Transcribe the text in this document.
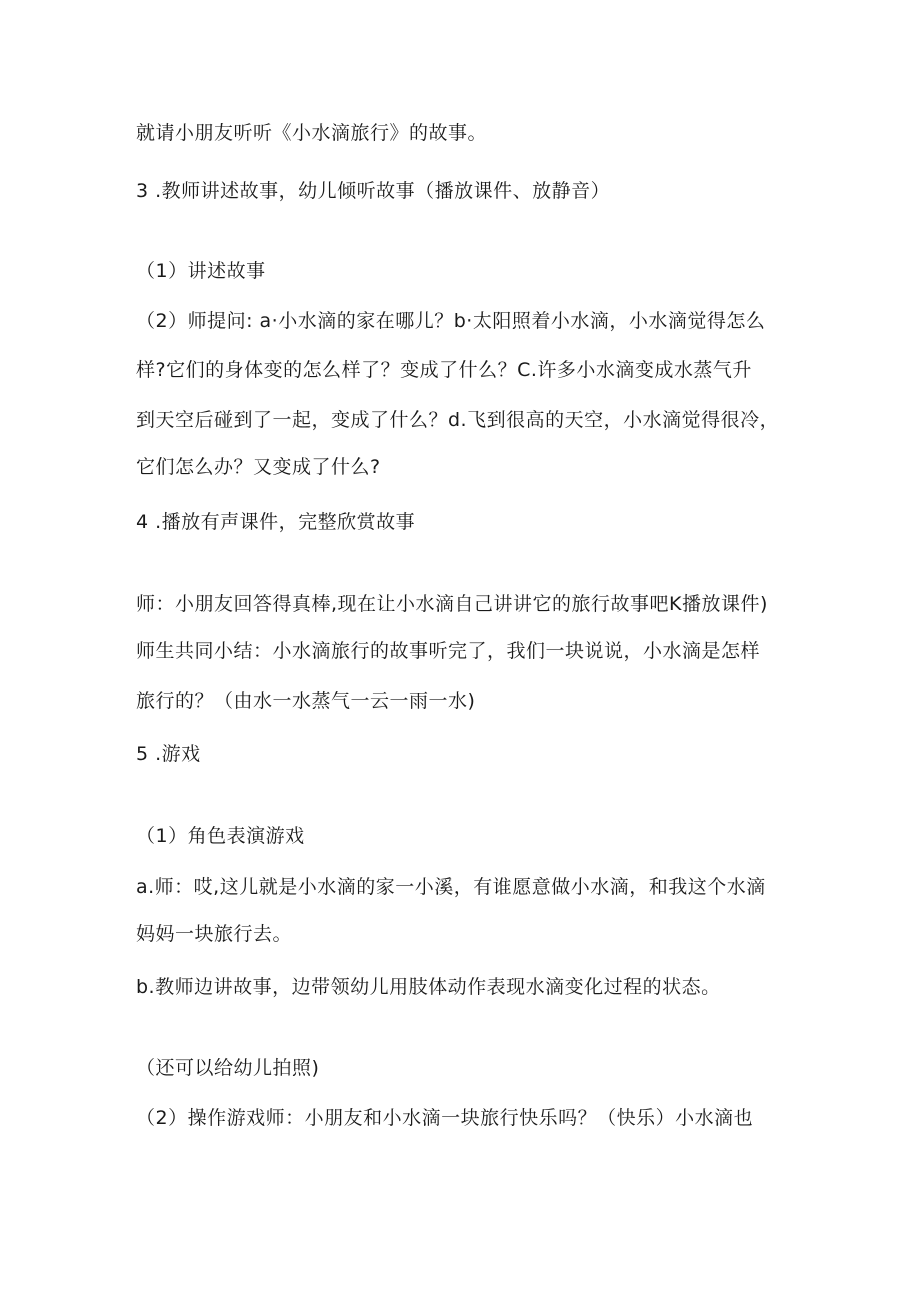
就请小朋友听听《小水滴旅行》的故事。
3 .教师讲述故事，幼儿倾听故事（播放课件、放静音）
（1）讲述故事
（2）师提问: a·小水滴的家在哪儿？b·太阳照着小水滴，小水滴觉得怎么
样?它们的身体变的怎么样了？变成了什么？C.许多小水滴变成水蒸气升
到天空后碰到了一起，变成了什么？d.飞到很高的天空，小水滴觉得很冷，
它们怎么办？又变成了什么?
4 .播放有声课件，完整欣赏故事
师：小朋友回答得真棒,现在让小水滴自己讲讲它的旅行故事吧K播放课件)
师生共同小结：小水滴旅行的故事听完了，我们一块说说，小水滴是怎样
旅行的？（由水一水蒸气一云一雨一水)
5 .游戏
（1）角色表演游戏
a.师：哎,这儿就是小水滴的家一小溪，有谁愿意做小水滴，和我这个水滴
妈妈一块旅行去。
b.教师边讲故事，边带领幼儿用肢体动作表现水滴变化过程的状态。
（还可以给幼儿拍照)
（2）操作游戏师：小朋友和小水滴一块旅行快乐吗？（快乐）小水滴也
